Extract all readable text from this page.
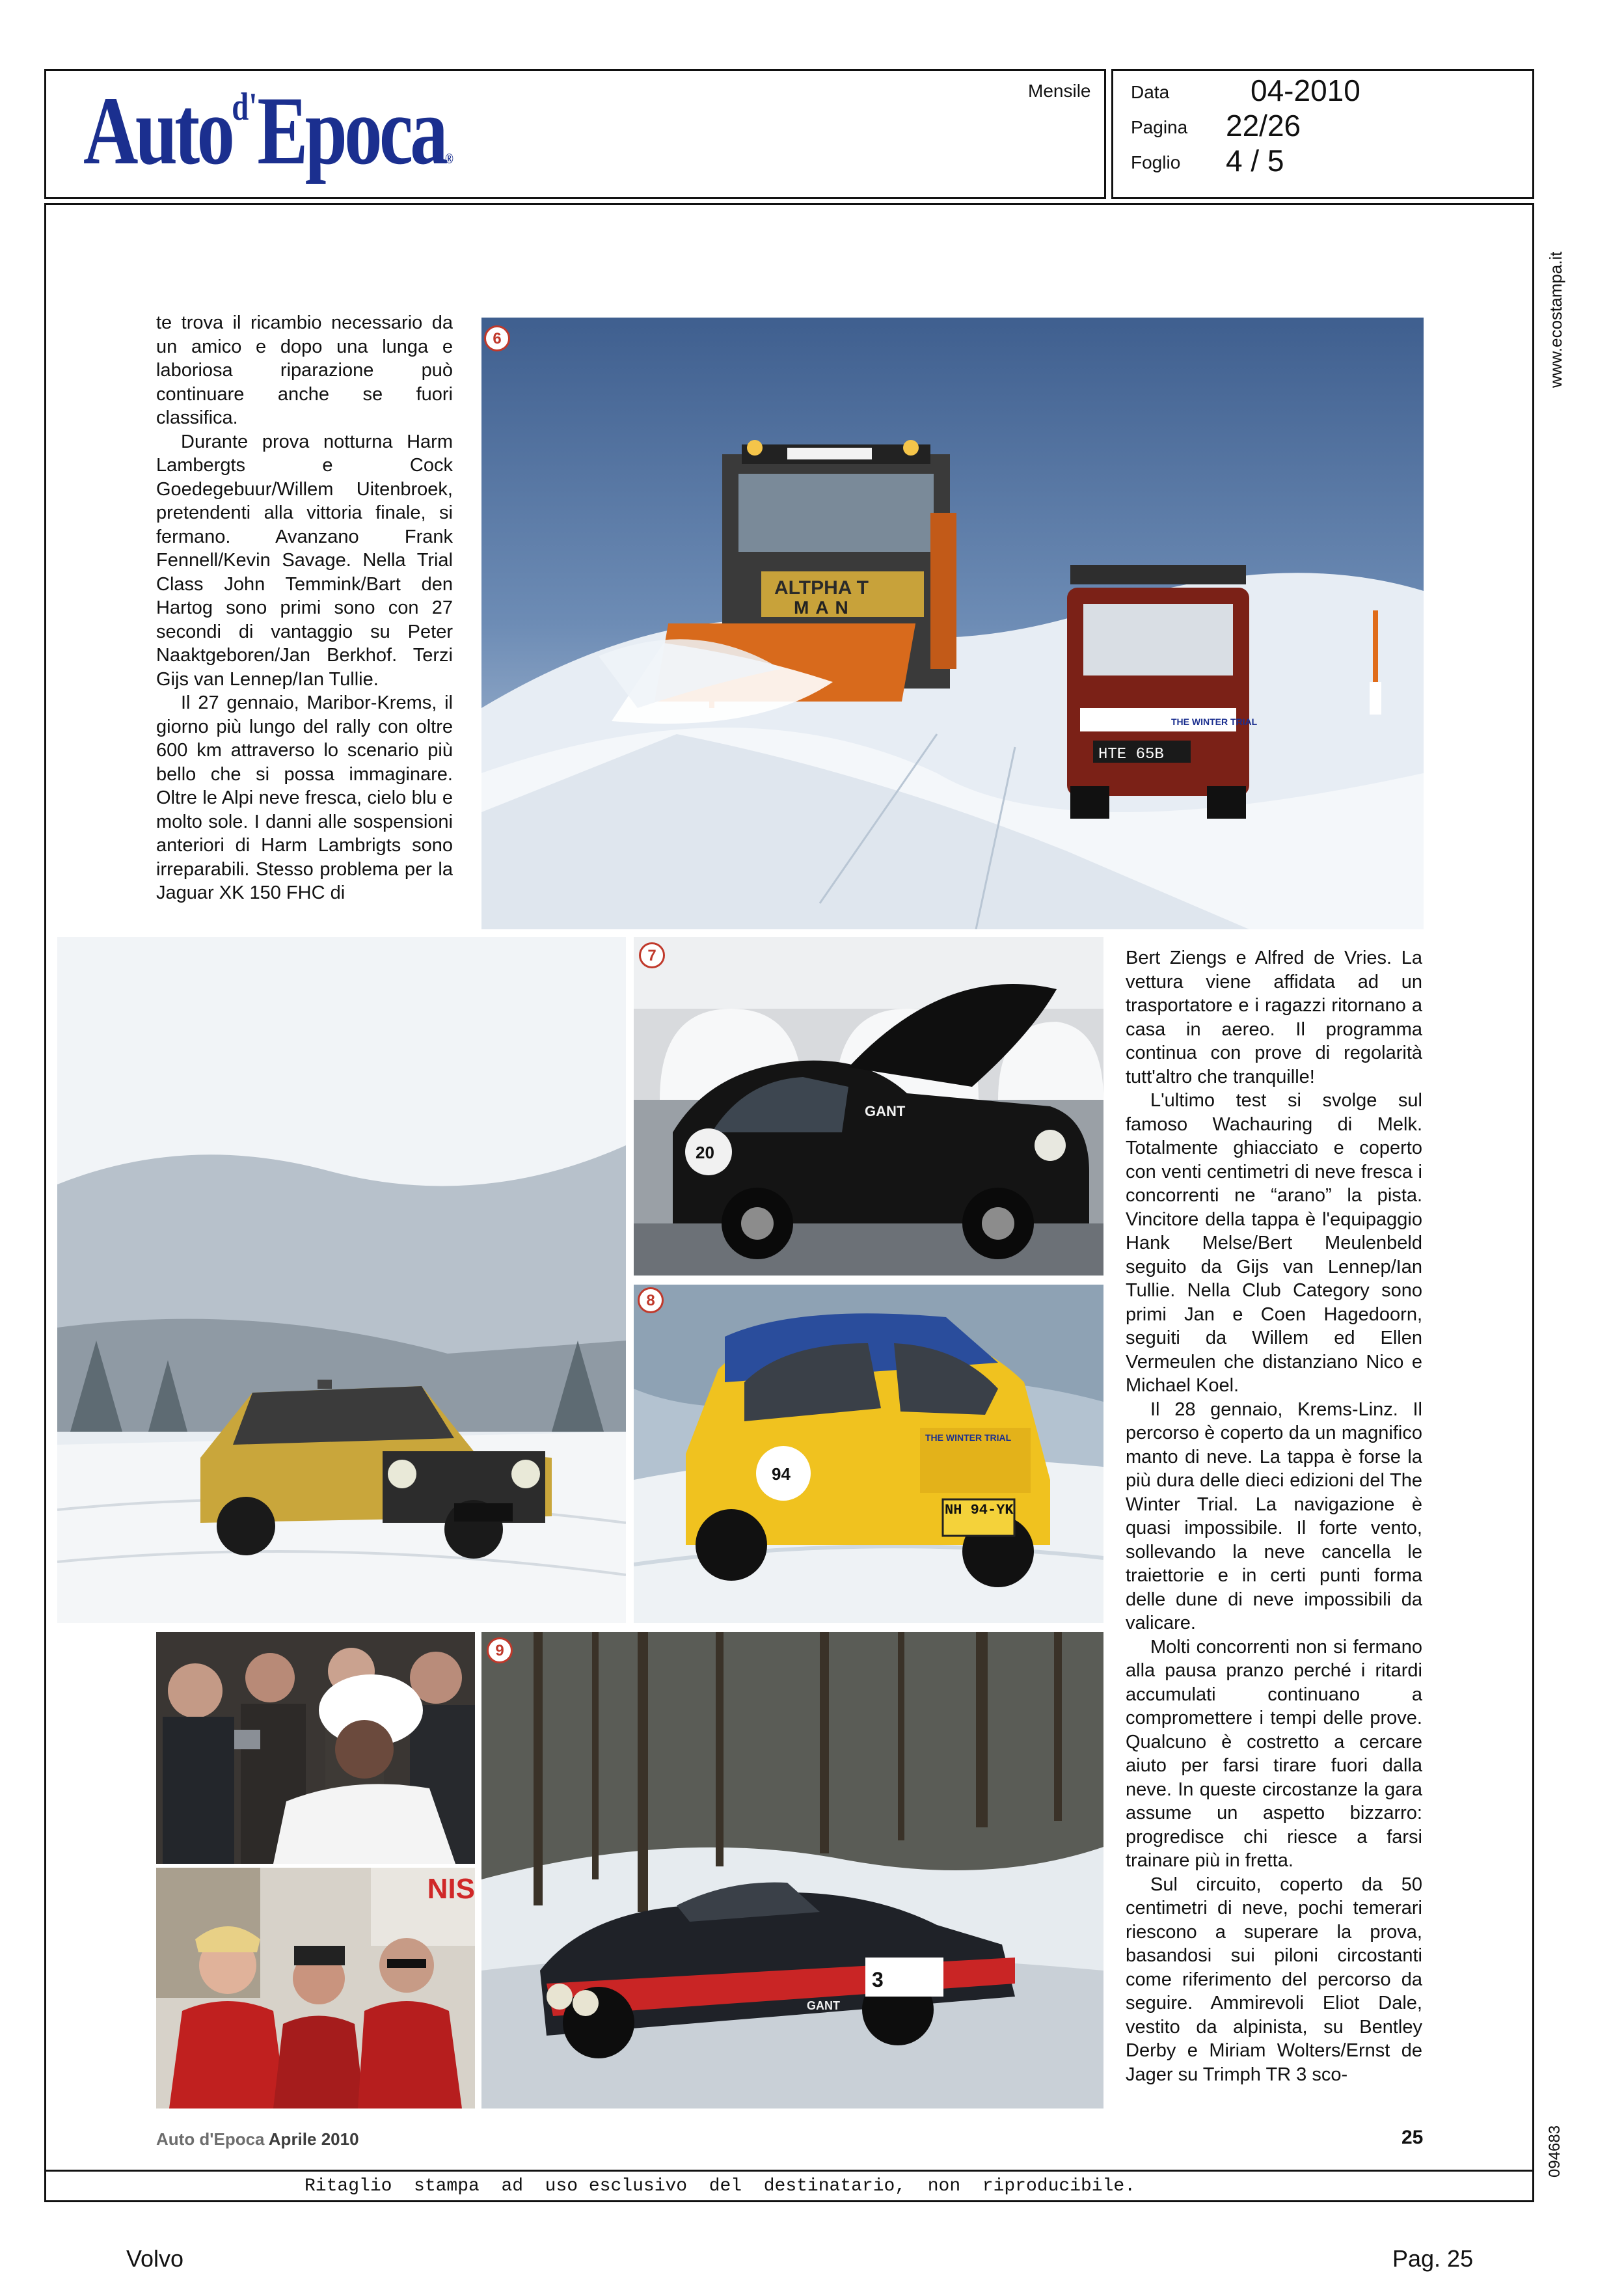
Auto$^{d'}$Epoca®
Mensile Data	04-2010
Pagina 22/26
Foglio 4 / 5
www.ecostampa.it
094683

te trova il ricambio necessario da un amico e dopo una lunga e laboriosa riparazione può continuare anche se fuori classifica.

Durante prova notturna Harm Lambergts e Cock Goedegebuur/Willem Uitenbroek, pretendenti alla vittoria finale, si fermano. Avanzano Frank Fennell/Kevin Savage. Nella Trial Class John Temmink/Bart den Hartog sono primi sono con 27 secondi di vantaggio su Peter Naaktgeboren/Jan Berkhof. Terzi Gijs van Lennep/Ian Tullie.

Il 27 gennaio, Maribor-Krems, il giorno più lungo del rally con oltre 600 km attraverso lo scenario più bello che si possa immaginare. Oltre le Alpi neve fresca, cielo blu e molto sole. I danni alle sospensioni anteriori di Harm Lambrigts sono irreparabili. Stesso problema per la Jaguar XK 150 FHC di

ALTPHA T
MAN
HTE 65B
THE WINTER TRIAL
6
20
GANT
7
NH 94-YK
THE WINTER TRIAL
94
8
NIS
3
GANT
9

Bert Ziengs e Alfred de Vries. La vettura viene affidata ad un trasportatore e i ragazzi ritornano a casa in aereo. Il programma continua con prove di regolarità tutt'altro che tranquille!

L'ultimo test si svolge sul famoso Wachauring di Melk. Totalmente ghiacciato e coperto con venti centimetri di neve fresca i concorrenti ne “arano” la pista. Vincitore della tappa è l'equipaggio Hank Melse/Bert Meulenbeld seguito da Gijs van Lennep/Ian Tullie. Nella Club Category sono primi Jan e Coen Hagedoorn, seguiti da Willem ed Ellen Vermeulen che distanziano Nico e Michael Koel.

Il 28 gennaio, Krems-Linz. Il percorso è coperto da un magnifico manto di neve. La tappa è forse la più dura delle dieci edizioni del The Winter Trial. La navigazione è quasi impossibile. Il forte vento, sollevando la neve cancella le traiettorie e in certi punti forma delle dune di neve impossibili da valicare.

Molti concorrenti non si fermano alla pausa pranzo perché i ritardi accumulati continuano a compromettere i tempi delle prove. Qualcuno è costretto a cercare aiuto per farsi tirare fuori dalla neve. In queste circostanze la gara assume un aspetto bizzarro: progredisce chi riesce a farsi trainare più in fretta.

Sul circuito, coperto da 50 centimetri di neve, pochi temerari riescono a superare la prova, basandosi sui piloni circostanti come riferimento del percorso da seguire. Ammirevoli Eliot Dale, vestito da alpinista, su Bentley Derby e Miriam Wolters/Ernst de Jager su Trimph TR 3 sco-

Auto d'Epoca Aprile 2010	25
Ritaglio  stampa  ad  uso esclusivo  del  destinatario,  non  riproducibile.
Volvo	Pag. 25
